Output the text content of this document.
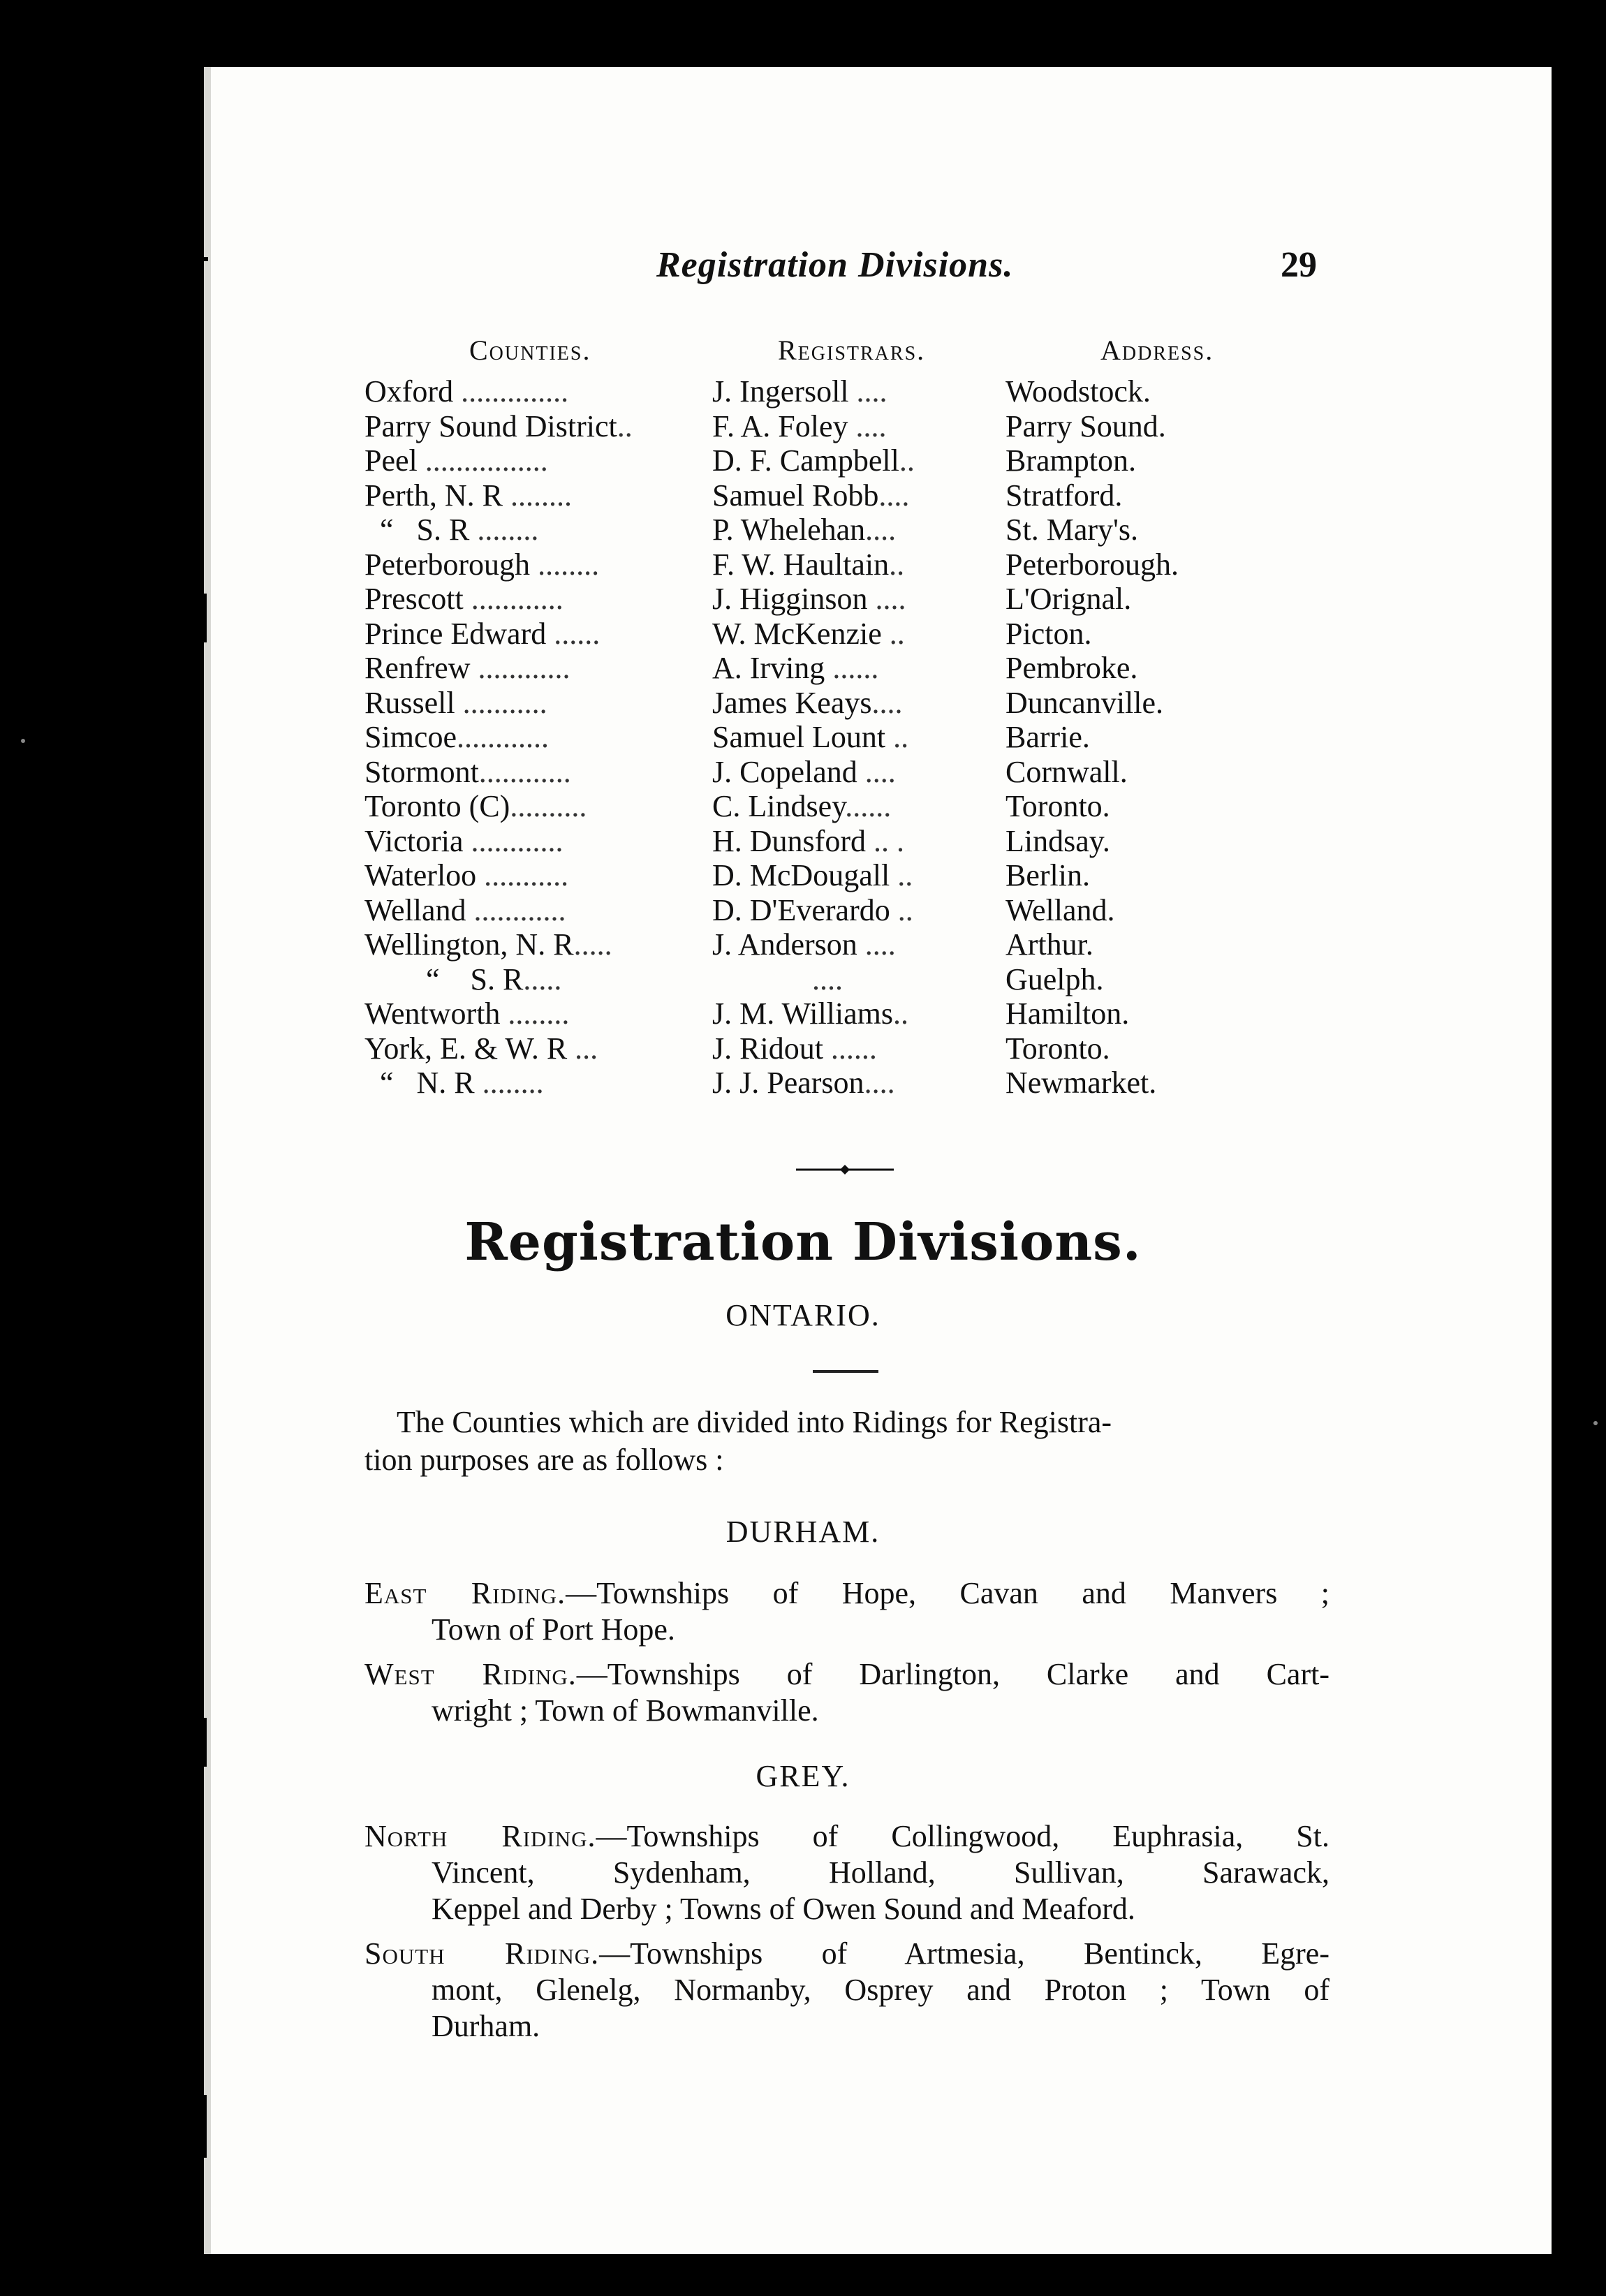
Registration Divisions.	29
Counties.	Registrars.	Address.
Oxford ..............	J. Ingersoll ....	Woodstock.
Parry Sound District..	F. A. Foley ....	Parry Sound.
Peel ................	D. F. Campbell..	Brampton.
Perth, N. R ........	Samuel Robb....	Stratford.
“   S. R ........	P. Whelehan....	St. Mary's.
Peterborough ........	F. W. Haultain..	Peterborough.
Prescott ............	J. Higginson ....	L'Orignal.
Prince Edward ......	W. McKenzie ..	Picton.
Renfrew ............	A. Irving ......	Pembroke.
Russell ...........	James Keays....	Duncanville.
Simcoe............	Samuel Lount ..	Barrie.
Stormont............	J. Copeland ....	Cornwall.
Toronto (C)..........	C. Lindsey......	Toronto.
Victoria ............	H. Dunsford .. .	Lindsay.
Waterloo ...........	D. McDougall ..	Berlin.
Welland ............	D. D'Everardo ..	Welland.
Wellington, N. R.....	J. Anderson ....	Arthur.
“    S. R.....	....	Guelph.
Wentworth ........	J. M. Williams..	Hamilton.
York, E. & W. R ...	J. Ridout ......	Toronto.
“   N. R ........	J. J. Pearson....	Newmarket.
Registration Divisions.
ONTARIO.
The Counties which are divided into Ridings for Registra-
tion purposes are as follows :
DURHAM.
East Riding.—Townships of Hope, Cavan and Manvers ;
Town of Port Hope.
West Riding.—Townships of Darlington, Clarke and Cart-
wright ; Town of Bowmanville.
GREY.
North Riding.—Townships of Collingwood, Euphrasia, St.
Vincent, Sydenham, Holland, Sullivan, Sarawack,
Keppel and Derby ; Towns of Owen Sound and Meaford.
South Riding.—Townships of Artmesia, Bentinck, Egre-
mont, Glenelg, Normanby, Osprey and Proton ; Town of
Durham.
